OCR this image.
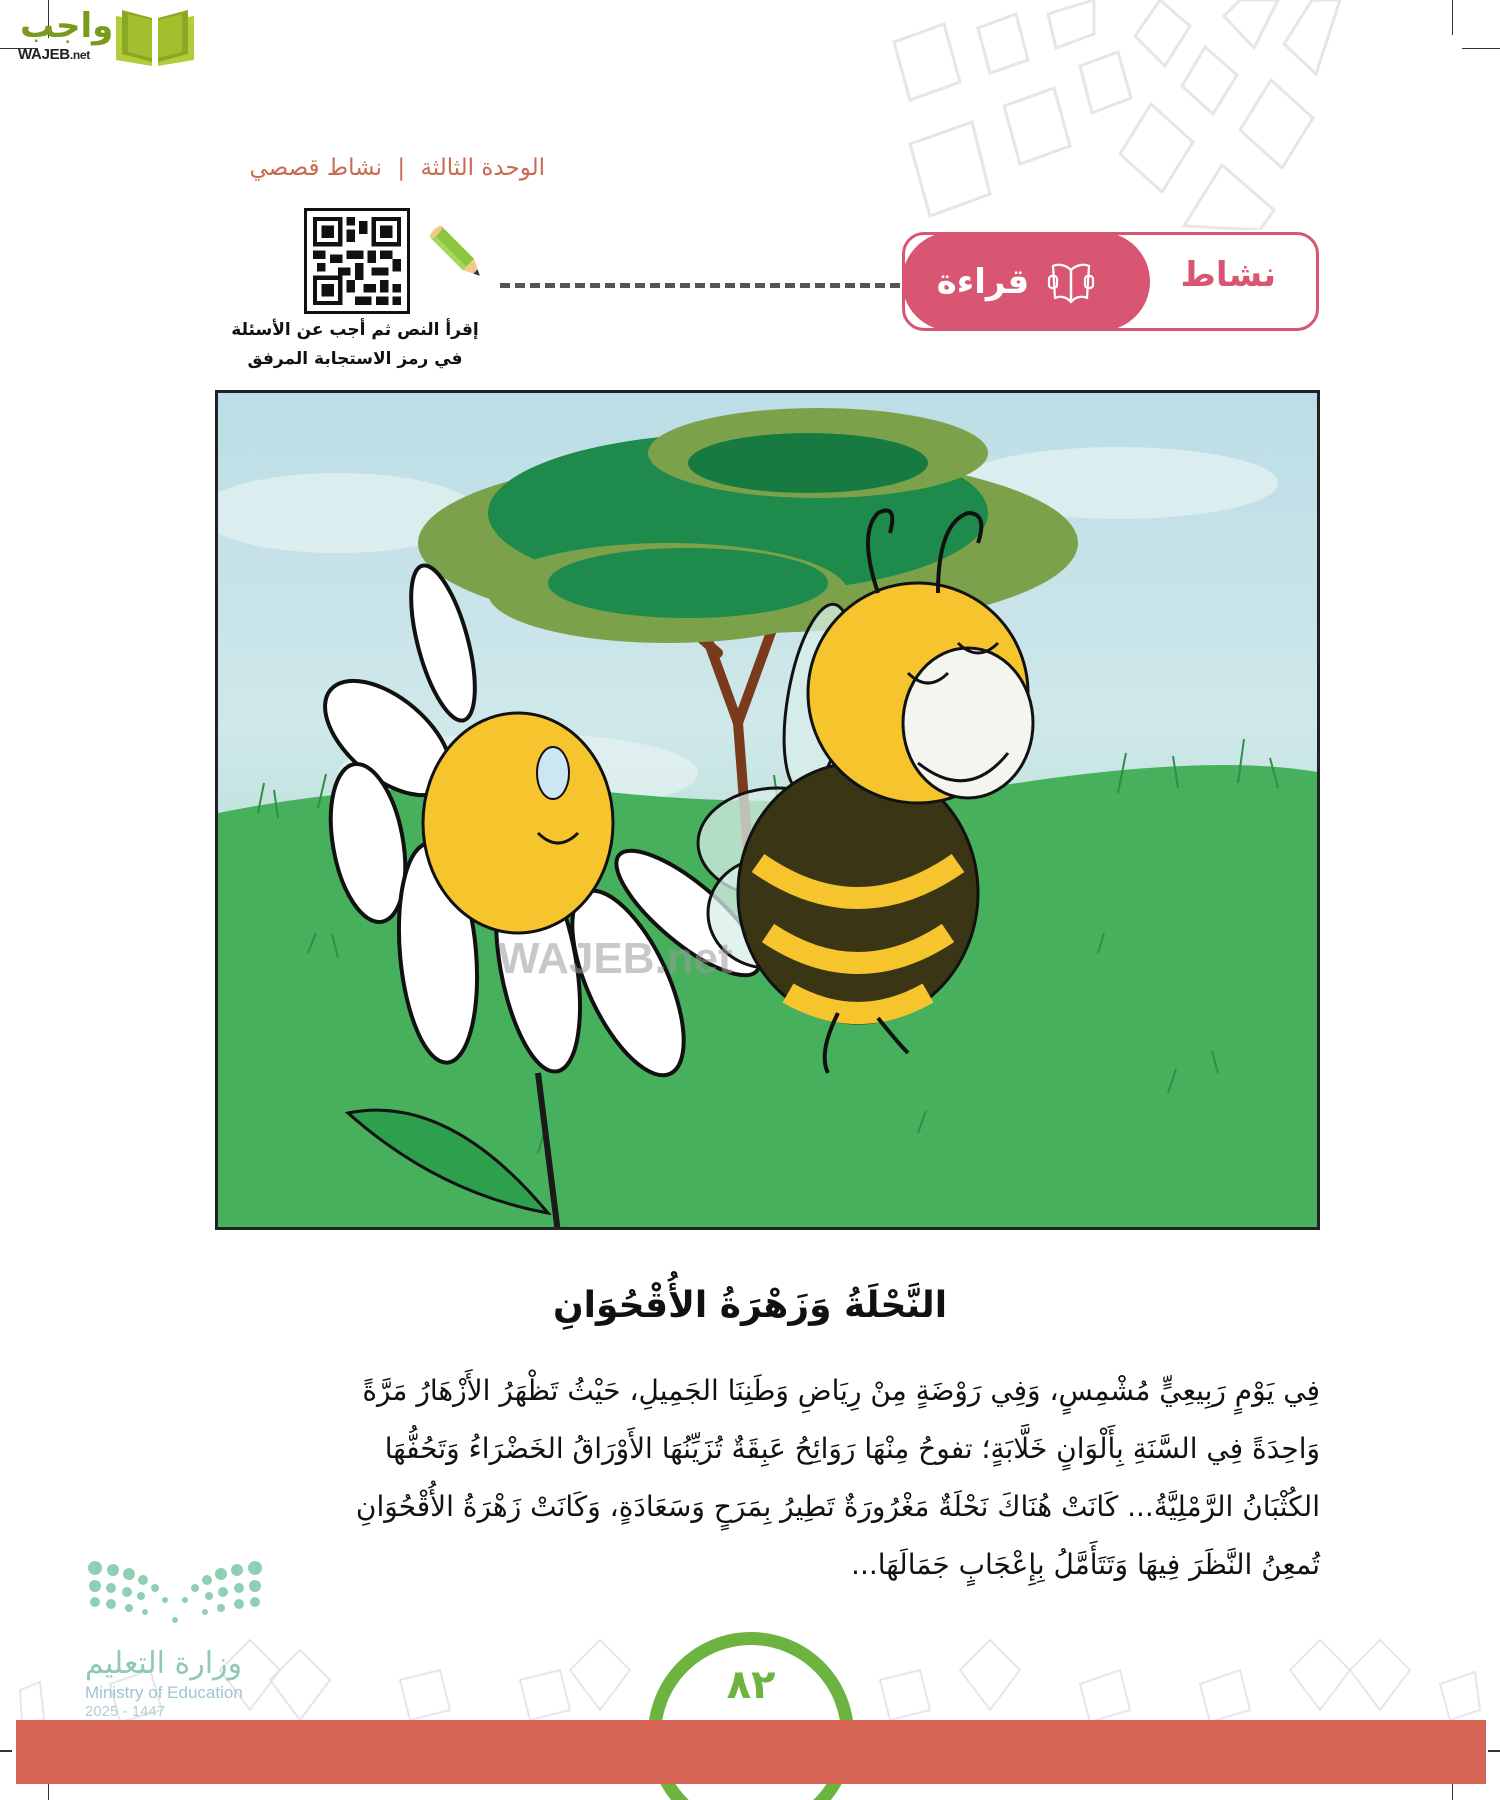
واجب
WAJEB.net
الوحدة الثالثة | نشاط قصصي
إقرأ النص ثم أجب عن الأسئلة
في رمز الاستجابة المرفق
قراءة	نشاط
WAJEB.net
النَّحْلَةُ وَزَهْرَةُ الأُقْحُوَانِ
فِي يَوْمٍ رَبِيعِيٍّ مُشْمِسٍ، وَفِي رَوْضَةٍ مِنْ رِيَاضِ وَطَنِنَا الجَمِيلِ، حَيْثُ تَظْهَرُ الأَزْهَارُ مَرَّةً
وَاحِدَةً فِي السَّنَةِ بِأَلْوَانٍ خَلَّابَةٍ؛ تفوحُ مِنْهَا رَوَائِحُ عَبِقَةٌ تُزَيِّنُهَا الأَوْرَاقُ الخَضْرَاءُ وَتَحُفُّهَا
الكُثْبَانُ الرَّمْلِيَّةُ... كَانَتْ هُنَاكَ نَحْلَةٌ مَغْرُورَةٌ تَطِيرُ بِمَرَحٍ وَسَعَادَةٍ، وَكَانَتْ زَهْرَةُ الأُقْحُوَانِ
تُمعِنُ النَّظَرَ فِيهَا وَتَتَأَمَّلُ بِإِعْجَابٍ جَمَالَهَا...
وزارة التعليم
Ministry of Education
2025 - 1447
٨٢
